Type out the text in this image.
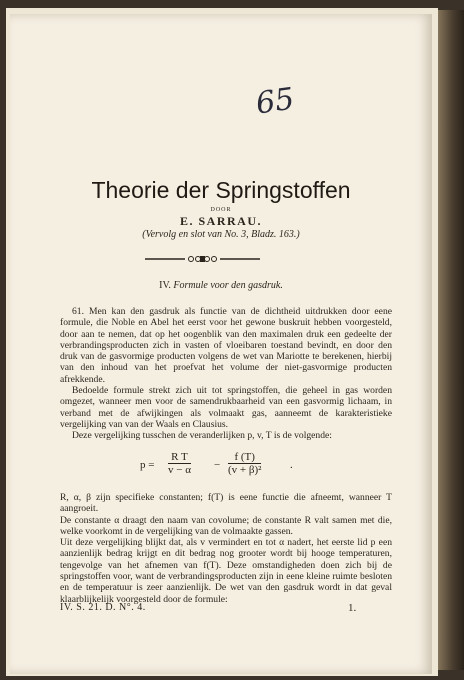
65
Theorie der Springstoffen
DOOR
E. SARRAU.
(Vervolg en slot van No. 3, Bladz. 163.)
IV. Formule voor den gasdruk.

61. Men kan den gasdruk als functie van de dichtheid uitdrukken door eene formule, die Noble en Abel het eerst voor het gewone buskruit hebben voorgesteld, door aan te nemen, dat op het oogenblik van den maximalen druk een gedeelte der verbrandingsproducten zich in vasten of vloeibaren toestand bevindt, en door den druk van de gasvormige producten volgens de wet van Mariotte te berekenen, hierbij van den inhoud van het proefvat het volume der niet-gasvormige producten afrekkende.

Bedoelde formule strekt zich uit tot springstoffen, die geheel in gas worden omgezet, wanneer men voor de samendrukbaarheid van een gasvormig lichaam, in verband met de afwijkingen als volmaakt gas, aanneemt de karakteristieke vergelijking van van der Waals en Clausius.

Deze vergelijking tusschen de veranderlijken p, v, T is de volgende:

$p = \frac{\text{R T}}{v - \alpha} - \frac{f (T)}{\text{(v + β)²}}$	.

R, α, β zijn specifieke constanten; f(T) is eene functie die afneemt, wanneer T aangroeit.

De constante α draagt den naam van covolume; de constante R valt samen met die, welke voorkomt in de vergelijking van de volmaakte gassen.

Uit deze vergelijking blijkt dat, als v vermindert en tot α nadert, het eerste lid p een aanzienlijk bedrag krijgt en dit bedrag nog grooter wordt bij hooge temperaturen, tengevolge van het afnemen van f(T). Deze omstandigheden doen zich bij de springstoffen voor, want de verbrandingsproducten zijn in eene kleine ruimte besloten en de temperatuur is zeer aanzienlijk. De wet van den gasdruk wordt in dat geval klaarblijkelijk voorgesteld door de formule:

IV. S. 21. D. N°. 4.	1.
